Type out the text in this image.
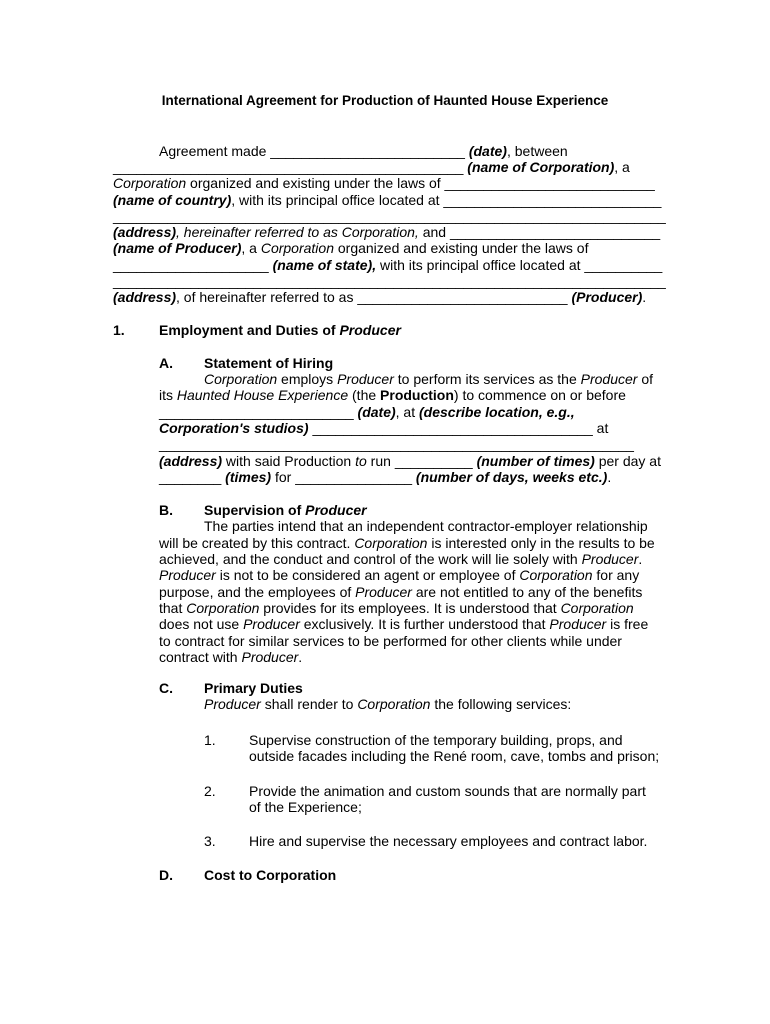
International Agreement for Production of Haunted House Experience
Agreement made _________________________ (date), between
_____________________________________________ (name of Corporation), a
Corporation organized and existing under the laws of ___________________________
(name of country), with its principal office located at ____________________________
_______________________________________________________________________
(address), hereinafter referred to as Corporation, and ___________________________
(name of Producer), a Corporation organized and existing under the laws of
____________________ (name of state), with its principal office located at __________
_______________________________________________________________________
(address), of hereinafter referred to as ___________________________ (Producer).
1. Employment and Duties of Producer
A. Statement of Hiring
Corporation employs Producer to perform its services as the Producer of
its Haunted House Experience (the Production) to commence on or before
_________________________ (date), at (describe location, e.g.,
Corporation's studios) ____________________________________ at
_____________________________________________________________
(address) with said Production to run __________ (number of times) per day at
________ (times) for _______________ (number of days, weeks etc.).
B. Supervision of Producer
The parties intend that an independent contractor-employer relationship
will be created by this contract. Corporation is interested only in the results to be
achieved, and the conduct and control of the work will lie solely with Producer.
Producer is not to be considered an agent or employee of Corporation for any
purpose, and the employees of Producer are not entitled to any of the benefits
that Corporation provides for its employees. It is understood that Corporation
does not use Producer exclusively. It is further understood that Producer is free
to contract for similar services to be performed for other clients while under
contract with Producer.
C. Primary Duties
Producer shall render to Corporation the following services:
1. Supervise construction of the temporary building, props, and
outside facades including the René room, cave, tombs and prison;
2. Provide the animation and custom sounds that are normally part
of the Experience;
3. Hire and supervise the necessary employees and contract labor.
D. Cost to Corporation
